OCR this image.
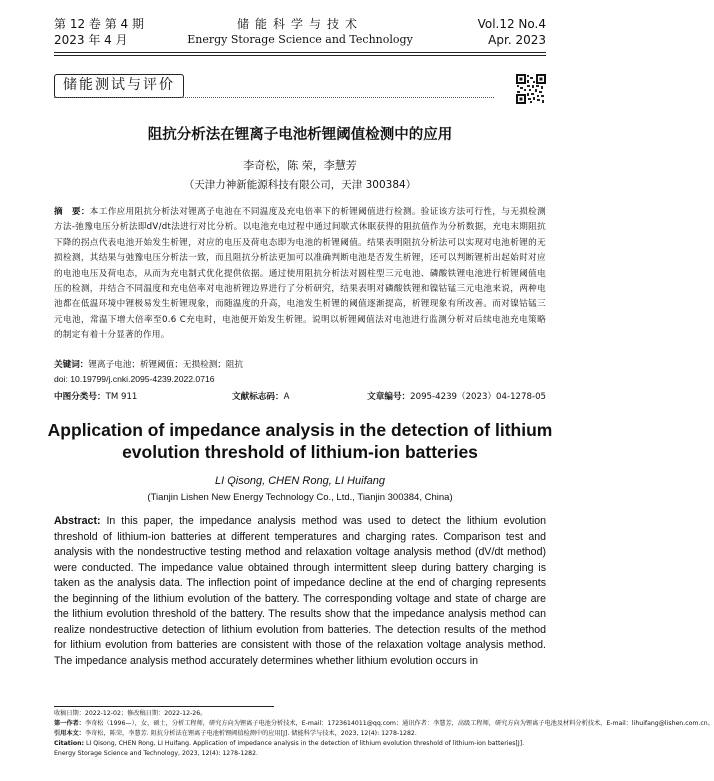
第 12 卷 第 4 期
2023 年 4 月
储能科学与技术
Energy Storage Science and Technology
Vol.12 No.4
Apr. 2023
储能测试与评价
阻抗分析法在锂离子电池析锂阈值检测中的应用
李奇松，陈 荣，李慧芳
（天津力神新能源科技有限公司，天津 300384）
摘　要：本工作应用阻抗分析法对锂离子电池在不同温度及充电倍率下的析锂阈值进行检测。验证该方法可行性，与无损检测方法-弛豫电压分析法即dV/dt法进行对比分析。以电池充电过程中通过间歇式休眠获得的阻抗值作为分析数据，充电末期阻抗下降的拐点代表电池开始发生析锂，对应的电压及荷电态即为电池的析锂阈值。结果表明阻抗分析法可以实现对电池析锂的无损检测，其结果与弛豫电压分析法一致，而且阻抗分析法更加可以准确判断电池是否发生析锂，还可以判断锂析出起始时对应的电池电压及荷电态，从而为充电制式优化提供依据。通过使用阻抗分析法对圆柱型三元电池、磷酸铁锂电池进行析锂阈值电压的检测，并结合不同温度和充电倍率对电池析锂边界进行了分析研究，结果表明对磷酸铁锂和镍钴锰三元电池来说，两种电池都在低温环境中锂极易发生析锂现象，而随温度的升高，电池发生析锂的阈值逐渐提高，析锂现象有所改善。而对镍钴锰三元电池，常温下增大倍率至0.6 C充电时，电池便开始发生析锂。说明以析锂阈值法对电池进行监测分析对后续电池充电策略的制定有着十分显著的作用。
关键词：锂离子电池；析锂阈值；无损检测；阻抗
doi: 10.19799/j.cnki.2095-4239.2022.0716
中图分类号：TM 911	文献标志码：A	文章编号：2095-4239（2023）04-1278-05
Application of impedance analysis in the detection of lithium evolution threshold of lithium-ion batteries
LI Qisong, CHEN Rong, LI Huifang
(Tianjin Lishen New Energy Technology Co., Ltd., Tianjin 300384, China)
Abstract: In this paper, the impedance analysis method was used to detect the lithium evolution threshold of lithium-ion batteries at different temperatures and charging rates. Comparison test and analysis with the nondestructive testing method and relaxation voltage analysis method (dV/dt method) were conducted. The impedance value obtained through intermittent sleep during battery charging is taken as the analysis data. The inflection point of impedance decline at the end of charging represents the beginning of the lithium evolution of the battery. The corresponding voltage and state of charge are the lithium evolution threshold of the battery. The results show that the impedance analysis method can realize nondestructive detection of lithium evolution from batteries. The detection results of the method for lithium evolution from batteries are consistent with those of the relaxation voltage analysis method. The impedance analysis method accurately determines whether lithium evolution occurs in
收稿日期：2022-12-02；修改稿日期：2022-12-26。
第一作者：李奇松（1996—），女，硕士，分析工程师，研究方向为锂离子电池分析技术，E-mail：1723614011@qq.com；通讯作者：李慧芳，高级工程师，研究方向为锂离子电池及材料分析技术，E-mail：lihuifang@lishen.com.cn。
引用本文：李奇松，陈荣，李慧芳. 阻抗分析法在锂离子电池析锂阈值检测中的应用[J]. 储能科学与技术，2023, 12(4): 1278-1282.
Citation: LI Qisong, CHEN Rong, LI Huifang. Application of impedance analysis in the detection of lithium evolution threshold of lithium-ion batteries[J]. Energy Storage Science and Technology, 2023, 12(4): 1278-1282.
